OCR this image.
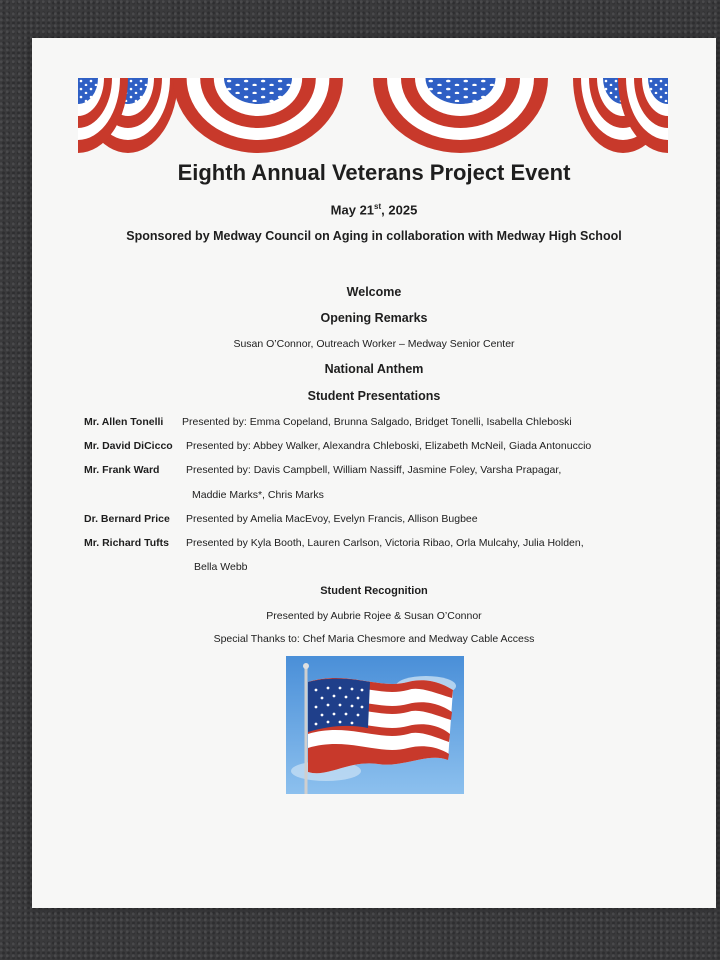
Eighth Annual Veterans Project Event
May 21st, 2025
Sponsored by Medway Council on Aging in collaboration with Medway High School
Welcome
Opening Remarks
Susan O’Connor, Outreach Worker – Medway Senior Center
National Anthem
Student Presentations
Mr. Allen Tonelli Presented by: Emma Copeland, Brunna Salgado, Bridget Tonelli, Isabella Chleboski
Mr. David DiCicco Presented by: Abbey Walker, Alexandra Chleboski, Elizabeth McNeil, Giada Antonuccio
Mr. Frank Ward	Presented by: Davis Campbell, William Nassiff, Jasmine Foley, Varsha Prapagar,
Maddie Marks*, Chris Marks
Dr. Bernard Price Presented by Amelia MacEvoy, Evelyn Francis, Allison Bugbee
Mr. Richard Tufts Presented by Kyla Booth, Lauren Carlson, Victoria Ribao, Orla Mulcahy, Julia Holden,
Bella Webb
Student Recognition
Presented by Aubrie Rojee & Susan O’Connor
Special Thanks to: Chef Maria Chesmore and Medway Cable Access
